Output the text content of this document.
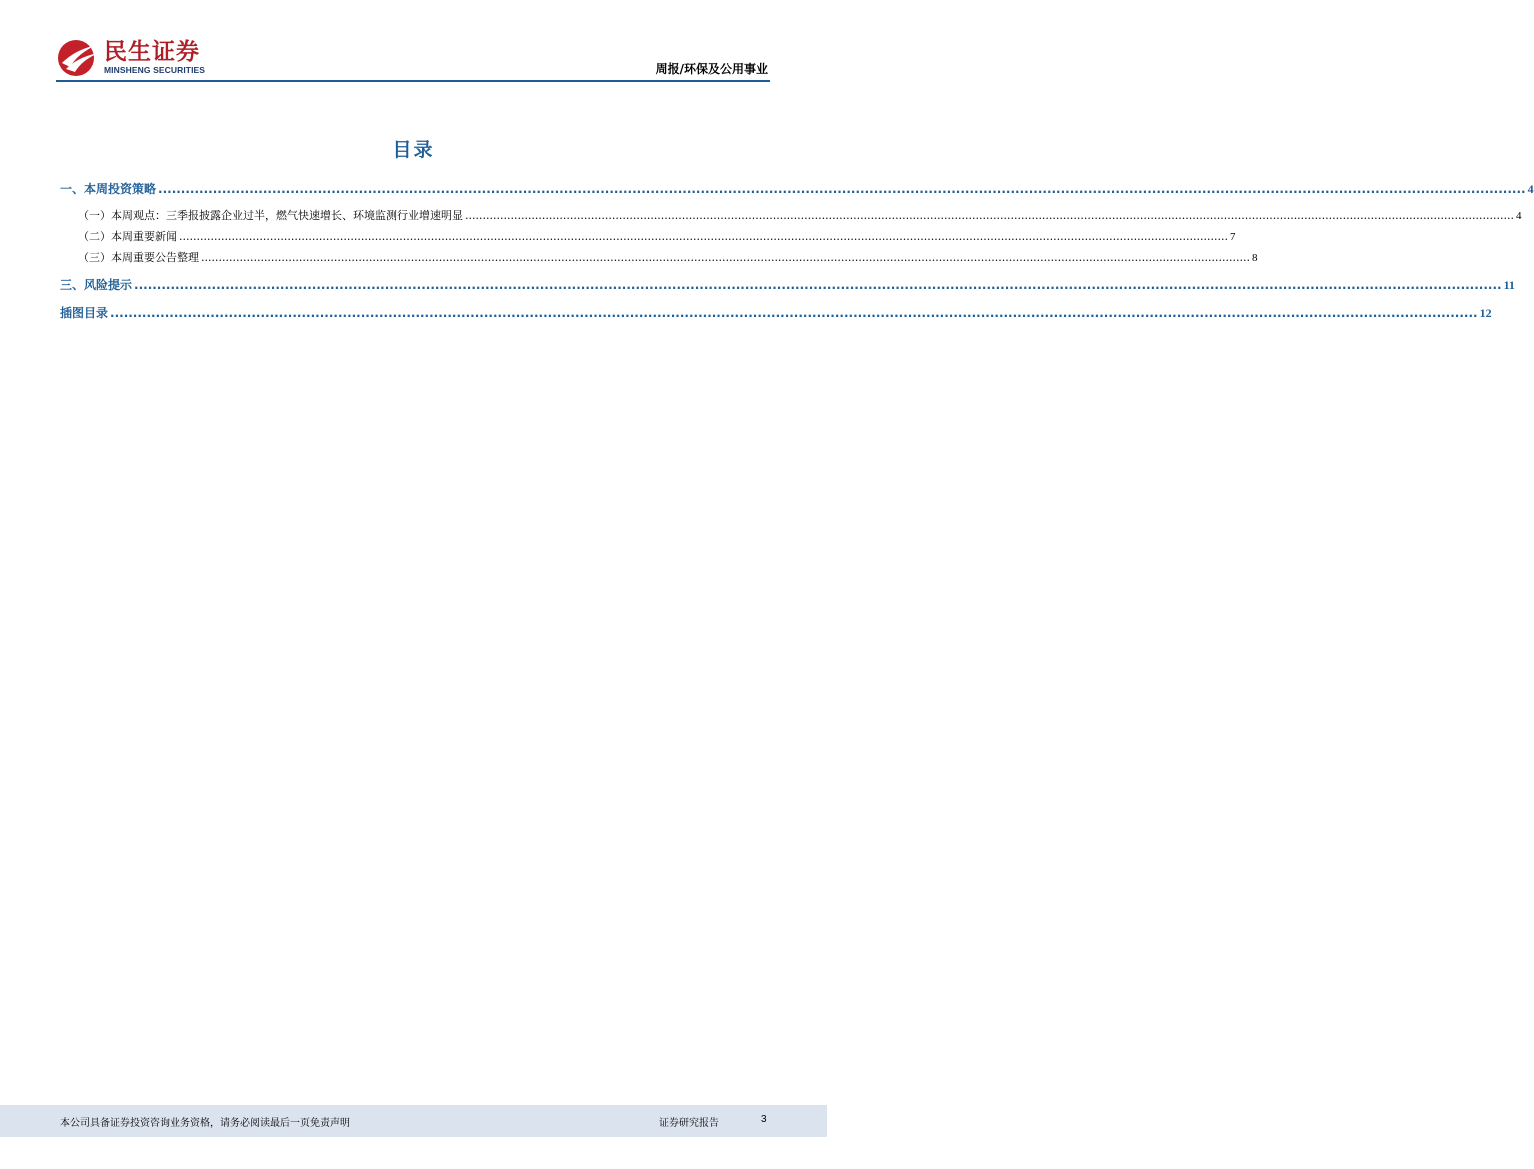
民生证券
MINSHENG SECURITIES	周报/环保及公用事业
目录
一、本周投资策略 ............................................................................................................................................................................................................................................................................................................ 4
（一）本周观点：三季报披露企业过半，燃气快速增长、环境监测行业增速明显 ............................................................................................................................................................................................................................................................................................................ 4
（二）本周重要新闻 ............................................................................................................................................................................................................................................................................................................ 7
（三）本周重要公告整理 ............................................................................................................................................................................................................................................................................................................ 8
三、风险提示 ............................................................................................................................................................................................................................................................................................................ 11
插图目录 ............................................................................................................................................................................................................................................................................................................ 12
本公司具备证券投资咨询业务资格，请务必阅读最后一页免责声明	证券研究报告	3
